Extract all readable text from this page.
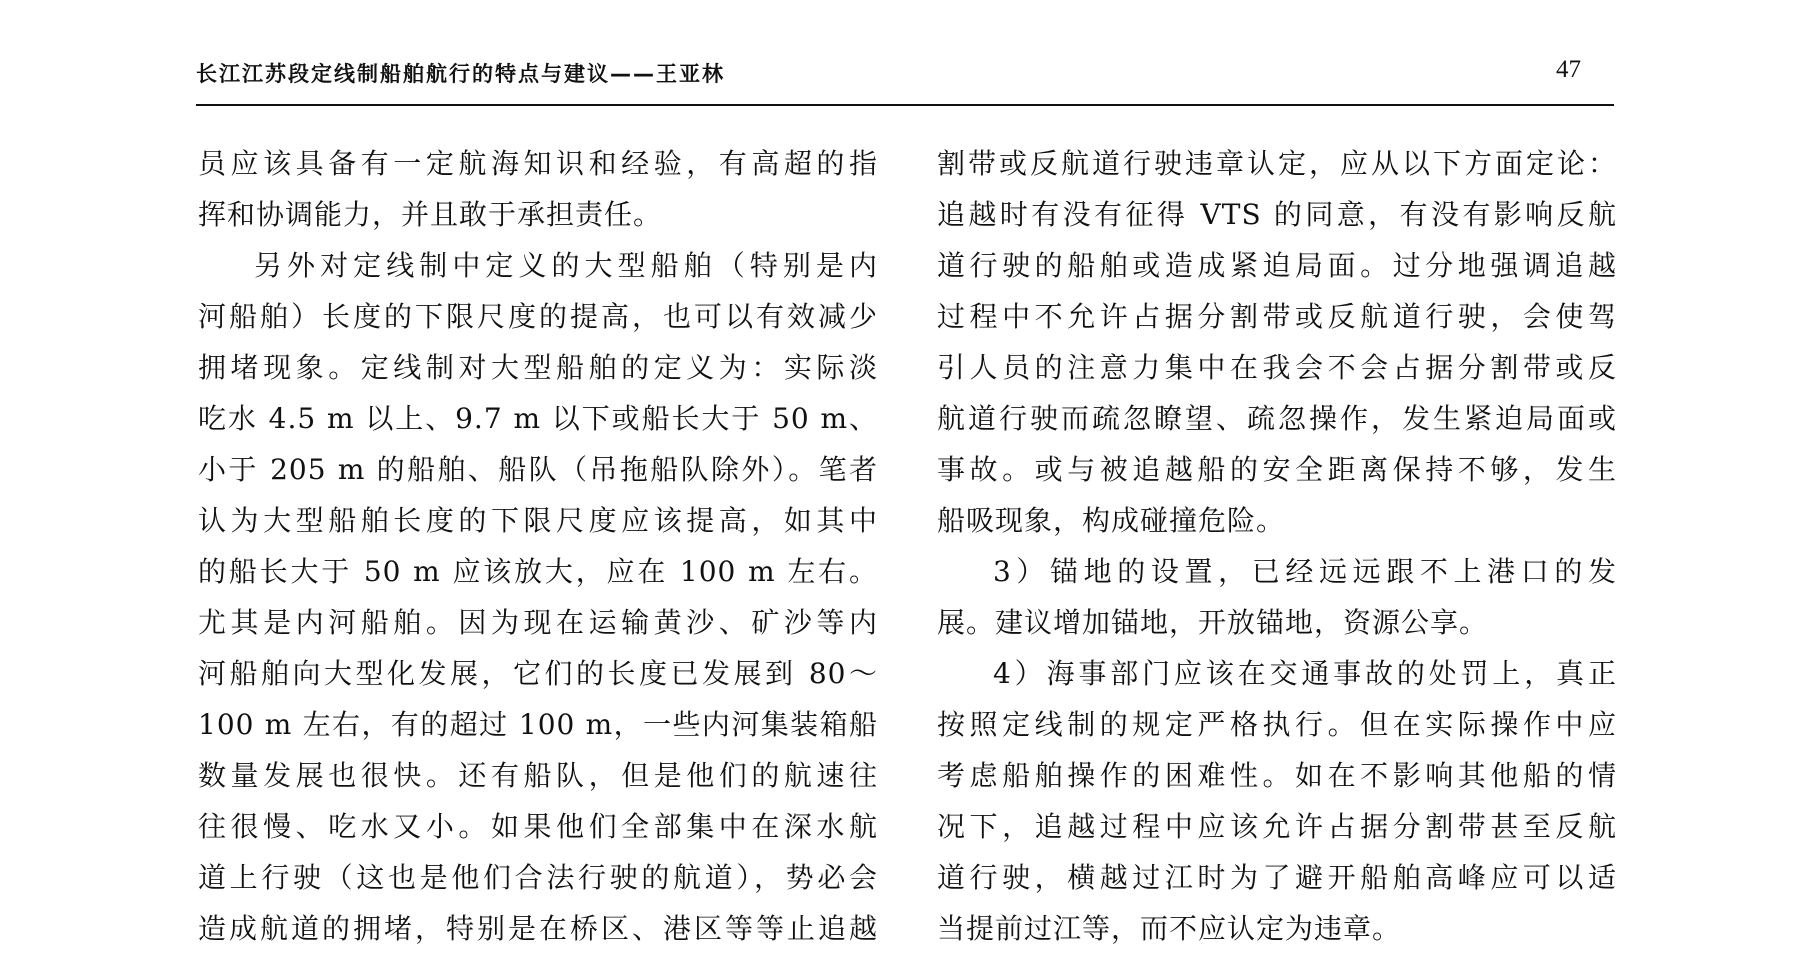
长江江苏段定线制船舶航行的特点与建议——王亚林	47
员应该具备有一定航海知识和经验，有高超的指
挥和协调能力，并且敢于承担责任。
另外对定线制中定义的大型船舶（特别是内
河船舶）长度的下限尺度的提高，也可以有效减少
拥堵现象。定线制对大型船舶的定义为：实际淡
吃水 4.5 m 以上、9.7 m 以下或船长大于 50 m、
小于 205 m 的船舶、船队（吊拖船队除外）。笔者
认为大型船舶长度的下限尺度应该提高，如其中
的船长大于 50 m 应该放大，应在 100 m 左右。
尤其是内河船舶。因为现在运输黄沙、矿沙等内
河船舶向大型化发展，它们的长度已发展到 80～
100 m 左右，有的超过 100 m，一些内河集装箱船
数量发展也很快。还有船队，但是他们的航速往
往很慢、吃水又小。如果他们全部集中在深水航
道上行驶（这也是他们合法行驶的航道），势必会
造成航道的拥堵，特别是在桥区、港区等等止追越
割带或反航道行驶违章认定，应从以下方面定论：
追越时有没有征得 VTS 的同意，有没有影响反航
道行驶的船舶或造成紧迫局面。过分地强调追越
过程中不允许占据分割带或反航道行驶，会使驾
引人员的注意力集中在我会不会占据分割带或反
航道行驶而疏忽瞭望、疏忽操作，发生紧迫局面或
事故。或与被追越船的安全距离保持不够，发生
船吸现象，构成碰撞危险。
3）锚地的设置，已经远远跟不上港口的发
展。建议增加锚地，开放锚地，资源公享。
4）海事部门应该在交通事故的处罚上，真正
按照定线制的规定严格执行。但在实际操作中应
考虑船舶操作的困难性。如在不影响其他船的情
况下，追越过程中应该允许占据分割带甚至反航
道行驶，横越过江时为了避开船舶高峰应可以适
当提前过江等，而不应认定为违章。
